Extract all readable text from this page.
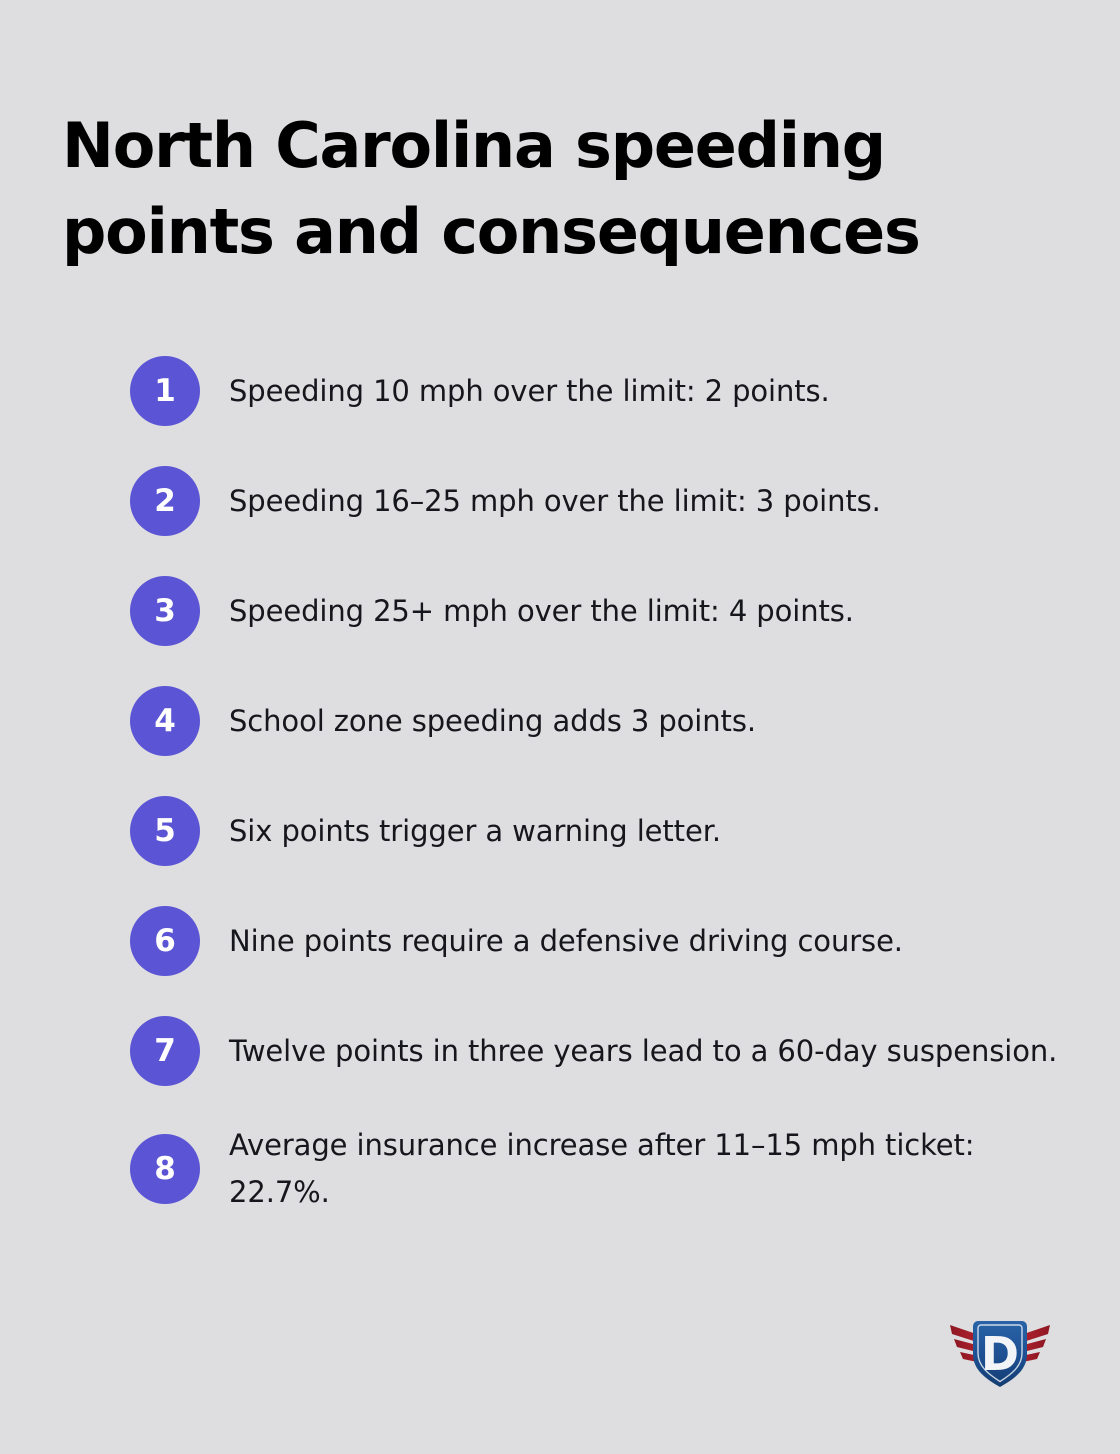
North Carolina speeding points and consequences
1	Speeding 10 mph over the limit: 2 points.
2	Speeding 16–25 mph over the limit: 3 points.
3	Speeding 25+ mph over the limit: 4 points.
4	School zone speeding adds 3 points.
5	Six points trigger a warning letter.
6	Nine points require a defensive driving course.
7	Twelve points in three years lead to a 60-day suspension.
8
Average insurance increase after 11–15 mph ticket: 22.7%.
D
